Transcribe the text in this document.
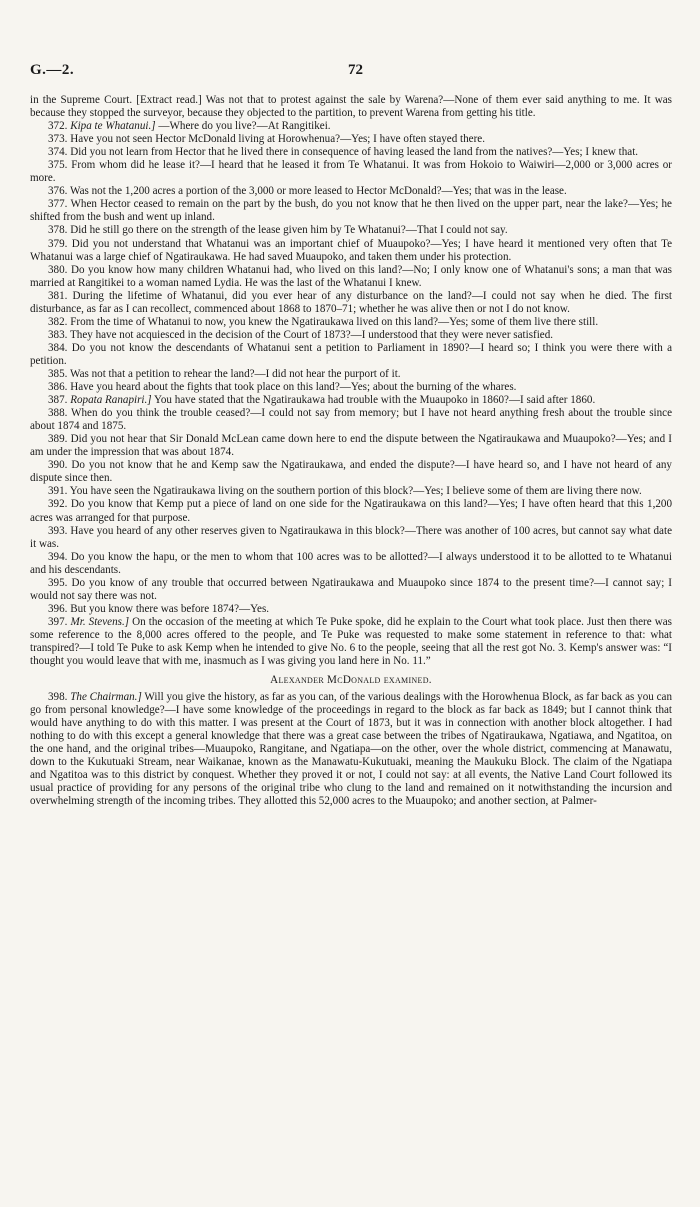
G.—2.	72

in the Supreme Court. [Extract read.] Was not that to protest against the sale by Warena?—None of them ever said anything to me. It was because they stopped the surveyor, because they objected to the partition, to prevent Warena from getting his title.

372. Kipa te Whatanui.] —Where do you live?—At Rangitikei.

373. Have you not seen Hector McDonald living at Horowhenua?—Yes; I have often stayed there.

374. Did you not learn from Hector that he lived there in consequence of having leased the land from the natives?—Yes; I knew that.

375. From whom did he lease it?—I heard that he leased it from Te Whatanui. It was from Hokoio to Waiwiri—2,000 or 3,000 acres or more.

376. Was not the 1,200 acres a portion of the 3,000 or more leased to Hector McDonald?—Yes; that was in the lease.

377. When Hector ceased to remain on the part by the bush, do you not know that he then lived on the upper part, near the lake?—Yes; he shifted from the bush and went up inland.

378. Did he still go there on the strength of the lease given him by Te Whatanui?—That I could not say.

379. Did you not understand that Whatanui was an important chief of Muaupoko?—Yes; I have heard it mentioned very often that Te Whatanui was a large chief of Ngatiraukawa. He had saved Muaupoko, and taken them under his protection.

380. Do you know how many children Whatanui had, who lived on this land?—No; I only know one of Whatanui's sons; a man that was married at Rangitikei to a woman named Lydia. He was the last of the Whatanui I knew.

381. During the lifetime of Whatanui, did you ever hear of any disturbance on the land?—I could not say when he died. The first disturbance, as far as I can recollect, commenced about 1868 to 1870–71; whether he was alive then or not I do not know.

382. From the time of Whatanui to now, you knew the Ngatiraukawa lived on this land?—Yes; some of them live there still.

383. They have not acquiesced in the decision of the Court of 1873?—I understood that they were never satisfied.

384. Do you not know the descendants of Whatanui sent a petition to Parliament in 1890?—I heard so; I think you were there with a petition.

385. Was not that a petition to rehear the land?—I did not hear the purport of it.

386. Have you heard about the fights that took place on this land?—Yes; about the burning of the whares.

387. Ropata Ranapiri.] You have stated that the Ngatiraukawa had trouble with the Muaupoko in 1860?—I said after 1860.

388. When do you think the trouble ceased?—I could not say from memory; but I have not heard anything fresh about the trouble since about 1874 and 1875.

389. Did you not hear that Sir Donald McLean came down here to end the dispute between the Ngatiraukawa and Muaupoko?—Yes; and I am under the impression that was about 1874.

390. Do you not know that he and Kemp saw the Ngatiraukawa, and ended the dispute?—I have heard so, and I have not heard of any dispute since then.

391. You have seen the Ngatiraukawa living on the southern portion of this block?—Yes; I believe some of them are living there now.

392. Do you know that Kemp put a piece of land on one side for the Ngatiraukawa on this land?—Yes; I have often heard that this 1,200 acres was arranged for that purpose.

393. Have you heard of any other reserves given to Ngatiraukawa in this block?—There was another of 100 acres, but cannot say what date it was.

394. Do you know the hapu, or the men to whom that 100 acres was to be allotted?—I always understood it to be allotted to te Whatanui and his descendants.

395. Do you know of any trouble that occurred between Ngatiraukawa and Muaupoko since 1874 to the present time?—I cannot say; I would not say there was not.

396. But you know there was before 1874?—Yes.

397. Mr. Stevens.] On the occasion of the meeting at which Te Puke spoke, did he explain to the Court what took place. Just then there was some reference to the 8,000 acres offered to the people, and Te Puke was requested to make some statement in reference to that: what transpired?—I told Te Puke to ask Kemp when he intended to give No. 6 to the people, seeing that all the rest got No. 3. Kemp's answer was: “I thought you would leave that with me, inasmuch as I was giving you land here in No. 11.”

Alexander McDonald examined.

398. The Chairman.] Will you give the history, as far as you can, of the various dealings with the Horowhenua Block, as far back as you can go from personal knowledge?—I have some knowledge of the proceedings in regard to the block as far back as 1849; but I cannot think that would have anything to do with this matter. I was present at the Court of 1873, but it was in connection with another block altogether. I had nothing to do with this except a general knowledge that there was a great case between the tribes of Ngatiraukawa, Ngatiawa, and Ngatitoa, on the one hand, and the original tribes—Muaupoko, Rangitane, and Ngatiapa—on the other, over the whole district, commencing at Manawatu, down to the Kukutuaki Stream, near Waikanae, known as the Manawatu-Kukutuaki, meaning the Maukuku Block. The claim of the Ngatiapa and Ngatitoa was to this district by conquest. Whether they proved it or not, I could not say: at all events, the Native Land Court followed its usual practice of providing for any persons of the original tribe who clung to the land and remained on it notwithstanding the incursion and overwhelming strength of the incoming tribes. They allotted this 52,000 acres to the Muaupoko; and another section, at Palmer-
